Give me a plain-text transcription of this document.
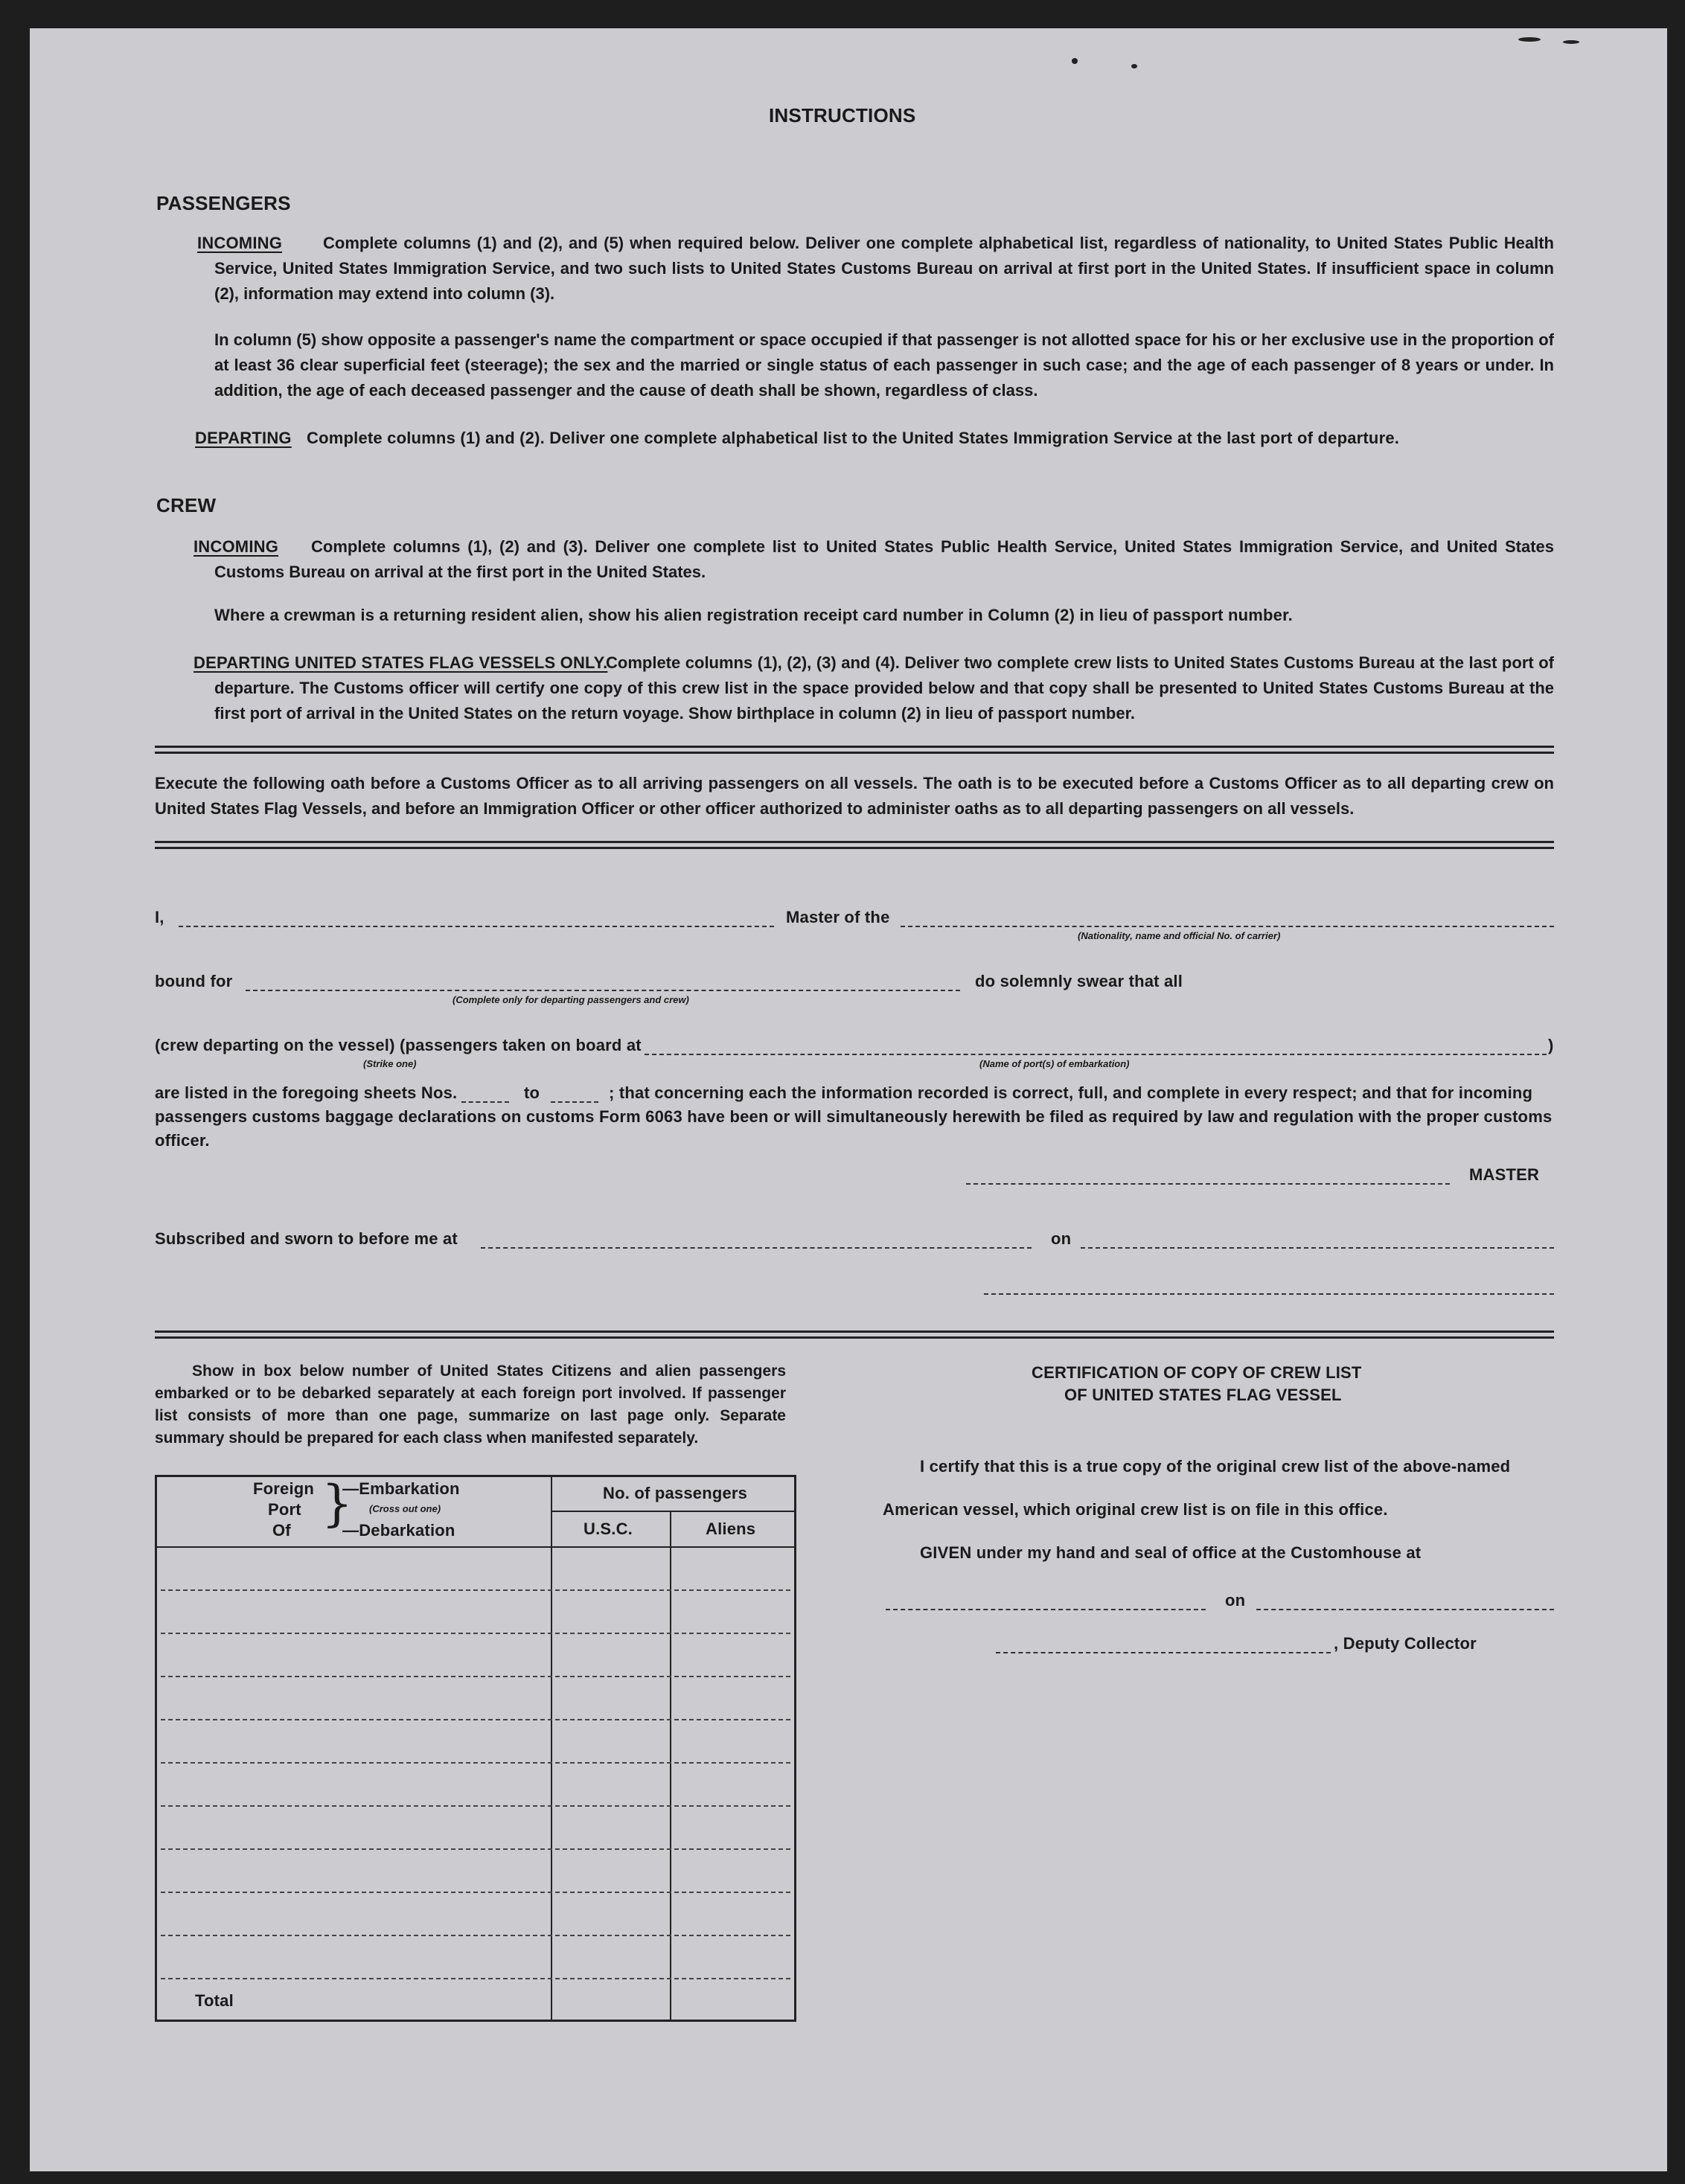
INSTRUCTIONS
PASSENGERS
INCOMING	Complete columns (1) and (2), and (5) when required below. Deliver one complete alphabetical list, regardless of nationality, to United States Public Health Service, United States Immigration Service, and two such lists to United States Customs Bureau on arrival at first port in the United States. If insufficient space in column (2), information may extend into column (3).
In column (5) show opposite a passenger's name the compartment or space occupied if that passenger is not allotted space for his or her exclusive use in the proportion of at least 36 clear superficial feet (steerage); the sex and the married or single status of each passenger in such case; and the age of each passenger of 8 years or under. In addition, the age of each deceased passenger and the cause of death shall be shown, regardless of class.
DEPARTING Complete columns (1) and (2). Deliver one complete alphabetical list to the United States Immigration Service at the last port of departure.
CREW
INCOMING	Complete columns (1), (2) and (3). Deliver one complete list to United States Public Health Service, United States Immigration Service, and United States Customs Bureau on arrival at the first port in the United States.
Where a crewman is a returning resident alien, show his alien registration receipt card number in Column (2) in lieu of passport number.
DEPARTING UNITED STATES FLAG VESSELS ONLY.
Complete columns (1), (2), (3) and (4). Deliver two complete crew lists to United States Customs Bureau at the last port of departure. The Customs officer will certify one copy of this crew list in the space provided below and that copy shall be presented to United States Customs Bureau at the first port of arrival in the United States on the return voyage. Show birthplace in column (2) in lieu of passport number.
Execute the following oath before a Customs Officer as to all arriving passengers on all vessels. The oath is to be executed before a Customs Officer as to all departing crew on United States Flag Vessels, and before an Immigration Officer or other officer authorized to administer oaths as to all departing passengers on all vessels.
I,	Master of the
(Nationality, name and official No. of carrier)
bound for
(Complete only for departing passengers and crew)
do solemnly swear that all
(crew departing on the vessel) (passengers taken on board at
(Strike one)
)
(Name of port(s) of embarkation)
are listed in the foregoing sheets Nos.	to	; that concerning each the information recorded is correct, full, and complete in every respect; and that for incoming
passengers customs baggage declarations on customs Form 6063 have been or will simultaneously herewith be filed as required by law and regulation with the proper customs
officer.
MASTER
Subscribed and sworn to before me at	on
Show in box below number of United States Citizens and alien passengers embarked or to be debarked separately at each foreign port involved. If passenger list consists of more than one page, summarize on last page only. Separate summary should be prepared for each class when manifested separately.
Foreign
Port
Of }
—Embarkation
(Cross out one)
—Debarkation
No. of passengers
U.S.C.	Aliens
Total
CERTIFICATION OF COPY OF CREW LIST
OF UNITED STATES FLAG VESSEL
I certify that this is a true copy of the original crew list of the above-named
American vessel, which original crew list is on file in this office.
GIVEN under my hand and seal of office at the Customhouse at
on
, Deputy Collector
